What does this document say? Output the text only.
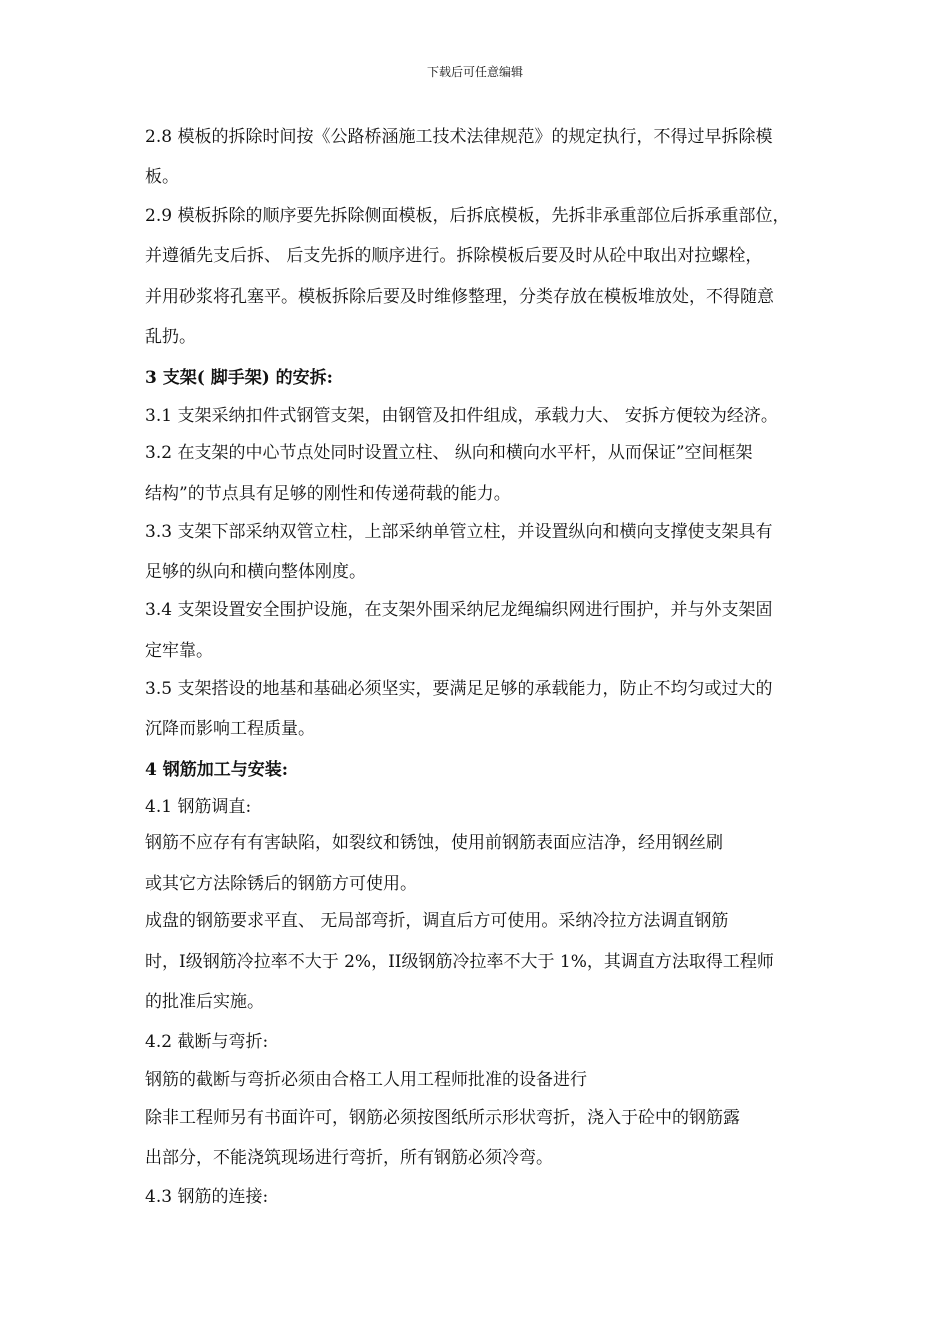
下载后可任意编辑
2.8 模板的拆除时间按《公路桥涵施工技术法律规范》的规定执行，不得过早拆除模
板。
2.9 模板拆除的顺序要先拆除侧面模板，后拆底模板，先拆非承重部位后拆承重部位，
并遵循先支后拆、 后支先拆的顺序进行。拆除模板后要及时从砼中取出对拉螺栓，
并用砂浆将孔塞平。模板拆除后要及时维修整理，分类存放在模板堆放处，不得随意
乱扔。
3 支架( 脚手架) 的安拆:
3.1 支架采纳扣件式钢管支架，由钢管及扣件组成，承载力大、 安拆方便较为经济。
3.2 在支架的中心节点处同时设置立柱、 纵向和横向水平杆，从而保证”空间框架
结构”的节点具有足够的刚性和传递荷载的能力。
3.3 支架下部采纳双管立柱，上部采纳单管立柱，并设置纵向和横向支撑使支架具有
足够的纵向和横向整体刚度。
3.4 支架设置安全围护设施，在支架外围采纳尼龙绳编织网进行围护，并与外支架固
定牢靠。
3.5 支架搭设的地基和基础必须坚实，要满足足够的承载能力，防止不均匀或过大的
沉降而影响工程质量。
4 钢筋加工与安装:
4.1 钢筋调直:
钢筋不应存有有害缺陷，如裂纹和锈蚀，使用前钢筋表面应洁净，经用钢丝刷
或其它方法除锈后的钢筋方可使用。
成盘的钢筋要求平直、 无局部弯折，调直后方可使用。采纳冷拉方法调直钢筋
时，I级钢筋冷拉率不大于 2%，II级钢筋冷拉率不大于 1%，其调直方法取得工程师
的批准后实施。
4.2 截断与弯折:
钢筋的截断与弯折必须由合格工人用工程师批准的设备进行
除非工程师另有书面许可，钢筋必须按图纸所示形状弯折，浇入于砼中的钢筋露
出部分，不能浇筑现场进行弯折，所有钢筋必须冷弯。
4.3 钢筋的连接:
